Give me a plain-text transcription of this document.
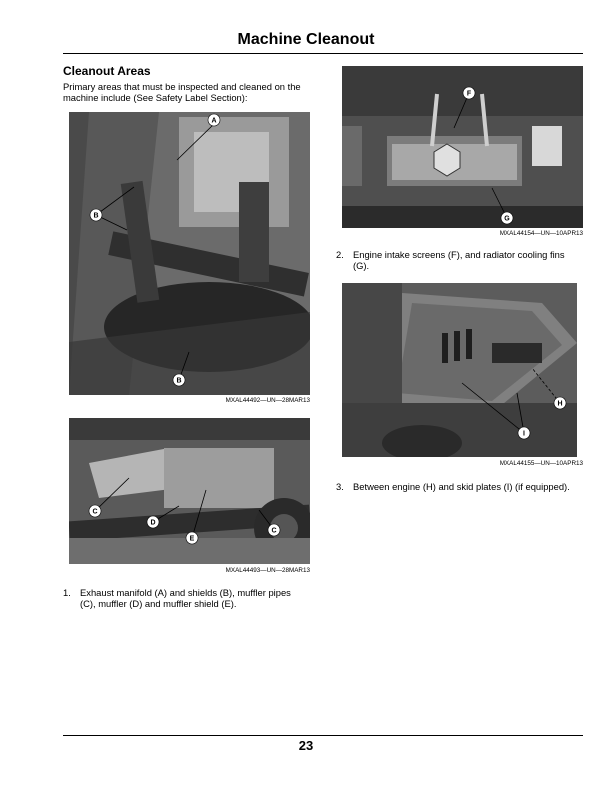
Machine Cleanout
Cleanout Areas
Primary areas that must be inspected and cleaned on the
machine include (See Safety Label Section):
A
B
B
MXAL44492—UN—28MAR13
C
D
E
C
MXAL44493—UN—28MAR13
1. Exhaust manifold (A) and shields (B), muffler pipes
(C), muffler (D) and muffler shield (E).
F
G
MXAL44154—UN—10APR13
2. Engine intake screens (F), and radiator cooling fins
(G).
H
I
MXAL44155—UN—10APR13
3. Between engine (H) and skid plates (I) (if equipped).
23
